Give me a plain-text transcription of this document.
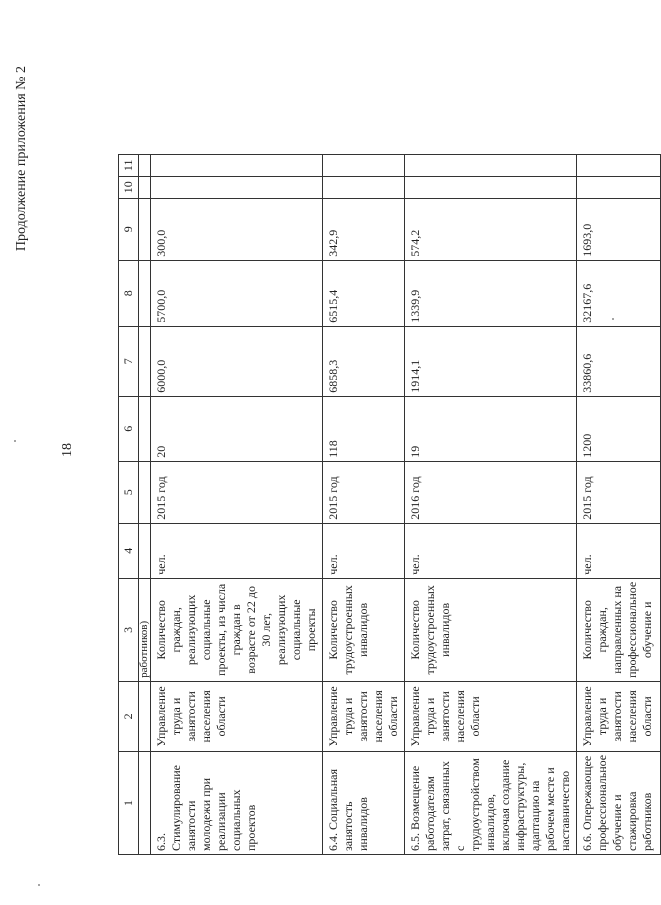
Продолжение приложения № 2
18
1	2	3	4	5	6	7	8	9	10	11
		работников)								
6.3. Стимулирование занятости молодежи при реализации социальных проектов	Управление труда и занятости населения области	Количество граждан, реализующих социальные проекты, из числа граждан в возрасте от 22 до 30 лет, реализующих социальные проекты	чел.	2015 год	20	6000,0	5700,0	300,0		
6.4. Социальная занятость инвалидов	Управление труда и занятости населения области	Количество трудоустроенных инвалидов	чел.	2015 год	118	6858,3	6515,4	342,9		
6.5. Возмещение работодателям затрат, связанных с трудоустройством инвалидов, включая создание инфраструктуры, адаптацию на рабочем месте и наставничество	Управление труда и занятости населения области	Количество трудоустроенных инвалидов	чел.	2016 год	19	1914,1	1339,9	574,2		
6.6. Опережающее профессиональное обучение и стажировка работников	Управление труда и занятости населения области	Количество граждан, направленных на профессиональное обучение и	чел.	2015 год	1200	33860,6	32167,6	1693,0		
